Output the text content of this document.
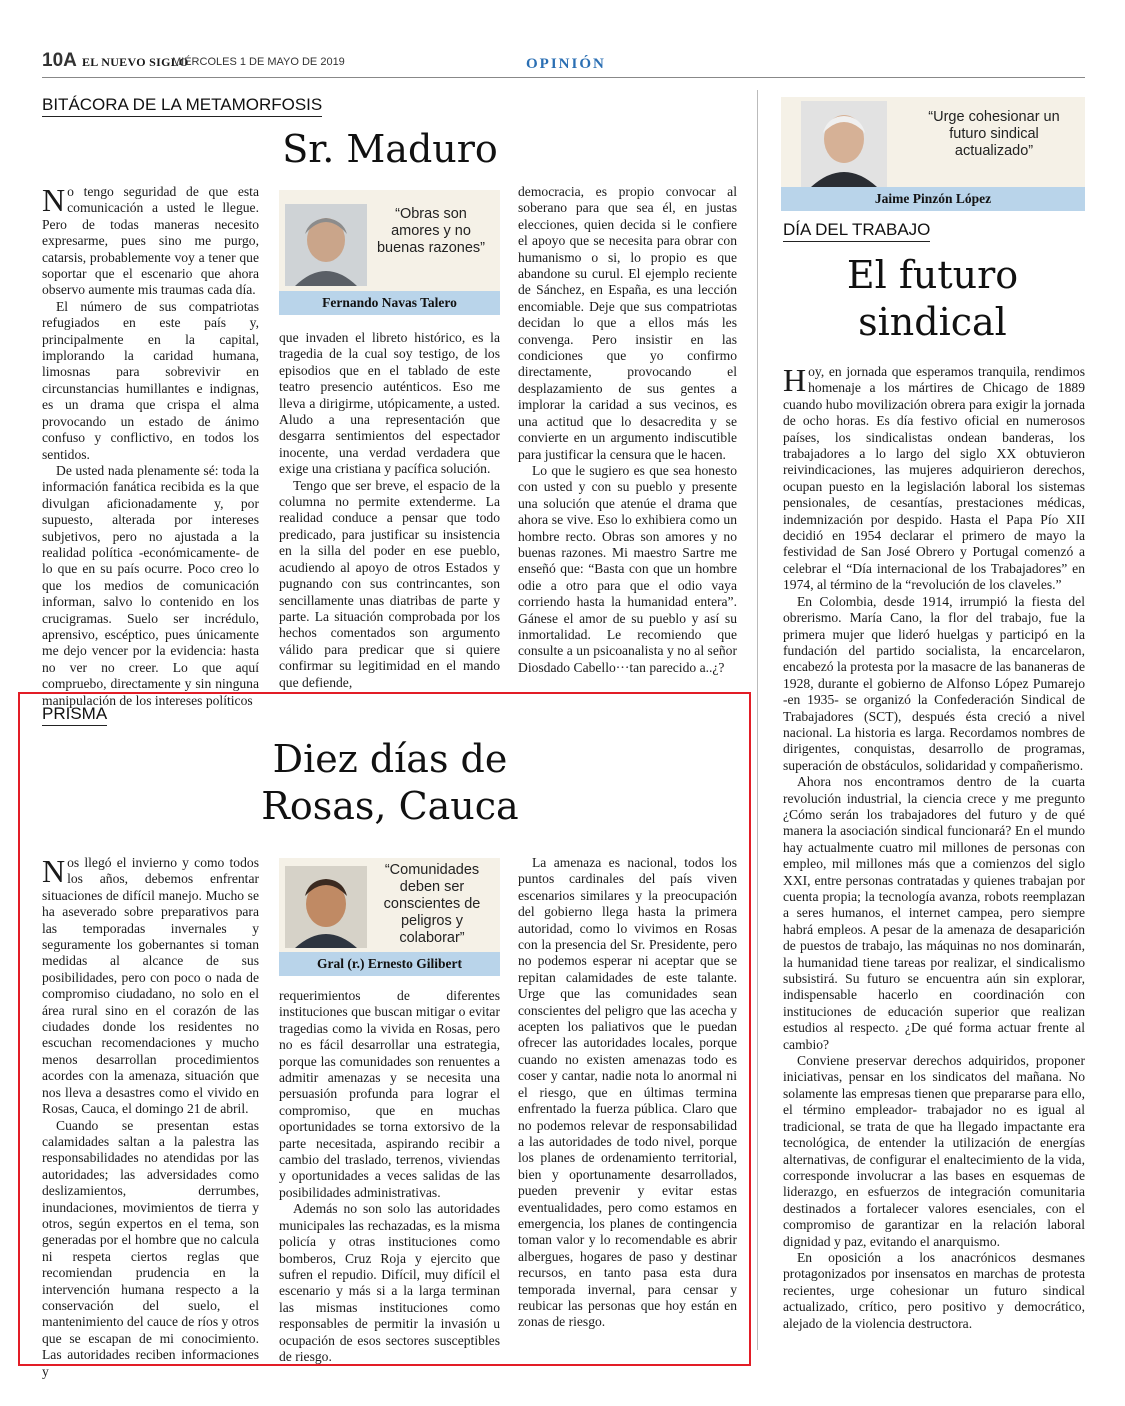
10A EL NUEVO SIGLO
MIÉRCOLES 1 DE MAYO DE 2019	OPINIÓN
BITÁCORA DE LA METAMORFOSIS
Sr. Maduro

No tengo seguridad de que esta comunicación a usted le llegue. Pero de todas maneras necesito expresarme, pues sino me purgo, catarsis, probablemente voy a tener que soportar que el escenario que ahora observo aumente mis traumas cada día.

El número de sus compatriotas refugiados en este país y, principalmente en la capital, implorando la caridad humana, limosnas para sobrevivir en circunstancias humillantes e indignas, es un drama que crispa el alma provocando un estado de ánimo confuso y conflictivo, en todos los sentidos.

De usted nada plenamente sé: toda la información fanática recibida es la que divulgan aficionadamente y, por supuesto, alterada por intereses subjetivos, pero no ajustada a la realidad política -económicamente- de lo que en su país ocurre. Poco creo lo que los medios de comunicación informan, salvo lo contenido en los crucigramas. Suelo ser incrédulo, aprensivo, escéptico, pues únicamente me dejo vencer por la evidencia: hasta no ver no creer. Lo que aquí compruebo, directamente y sin ninguna manipulación de los intereses políticos

“Obras son amores y no buenas razones”
Fernando Navas Talero

que invaden el libreto histórico, es la tragedia de la cual soy testigo, de los episodios que en el tablado de este teatro presencio auténticos. Eso me lleva a dirigirme, utópicamente, a usted. Aludo a una representación que desgarra sentimientos del espectador inocente, una verdad verdadera que exige una cristiana y pacífica solución.

Tengo que ser breve, el espacio de la columna no permite extenderme. La realidad conduce a pensar que todo predicado, para justificar su insistencia en la silla del poder en ese pueblo, acudiendo al apoyo de otros Estados y pugnando con sus contrincantes, son sencillamente unas diatribas de parte y parte. La situación comprobada por los hechos comentados son argumento válido para predicar que si quiere confirmar su legitimidad en el mando que defiende,

democracia, es propio convocar al soberano para que sea él, en justas elecciones, quien decida si le confiere el apoyo que se necesita para obrar con humanismo o si, lo propio es que abandone su curul. El ejemplo reciente de Sánchez, en España, es una lección encomiable. Deje que sus compatriotas decidan lo que a ellos más les convenga. Pero insistir en las condiciones que yo confirmo directamente, provocando el desplazamiento de sus gentes a implorar la caridad a sus vecinos, es una actitud que lo desacredita y se convierte en un argumento indiscutible para justificar la censura que le hacen.

Lo que le sugiero es que sea honesto con usted y con su pueblo y presente una solución que atenúe el drama que ahora se vive. Eso lo exhibiera como un hombre recto. Obras son amores y no buenas razones. Mi maestro Sartre me enseñó que: “Basta con que un hombre odie a otro para que el odio vaya corriendo hasta la humanidad entera”. Gánese el amor de su pueblo y así su inmortalidad. Le recomiendo que consulte a un psicoanalista y no al señor Diosdado Cabello···tan parecido a..¿?

PRISMA
Diez días de
Rosas, Cauca

Nos llegó el invierno y como todos los años, debemos enfrentar situaciones de difícil manejo. Mucho se ha aseverado sobre preparativos para las temporadas invernales y seguramente los gobernantes si toman medidas al alcance de sus posibilidades, pero con poco o nada de compromiso ciudadano, no solo en el área rural sino en el corazón de las ciudades donde los residentes no escuchan recomendaciones y mucho menos desarrollan procedimientos acordes con la amenaza, situación que nos lleva a desastres como el vivido en Rosas, Cauca, el domingo 21 de abril.

Cuando se presentan estas calamidades saltan a la palestra las responsabilidades no atendidas por las autoridades; las adversidades como deslizamientos, derrumbes, inundaciones, movimientos de tierra y otros, según expertos en el tema, son generadas por el hombre que no calcula ni respeta ciertos reglas que recomiendan prudencia en la intervención humana respecto a la conservación del suelo, el mantenimiento del cauce de ríos y otros que se escapan de mi conocimiento. Las autoridades reciben informaciones y

“Comunidades deben ser conscientes de peligros y colaborar”
Gral (r.) Ernesto Gilibert

requerimientos de diferentes instituciones que buscan mitigar o evitar tragedias como la vivida en Rosas, pero no es fácil desarrollar una estrategia, porque las comunidades son renuentes a admitir amenazas y se necesita una persuasión profunda para lograr el compromiso, que en muchas oportunidades se torna extorsivo de la parte necesitada, aspirando recibir a cambio del traslado, terrenos, viviendas y oportunidades a veces salidas de las posibilidades administrativas.

Además no son solo las autoridades municipales las rechazadas, es la misma policía y otras instituciones como bomberos, Cruz Roja y ejercito que sufren el repudio. Difícil, muy difícil el escenario y más si a la larga terminan las mismas instituciones como responsables de permitir la invasión u ocupación de esos sectores susceptibles de riesgo.

La amenaza es nacional, todos los puntos cardinales del país viven escenarios similares y la preocupación del gobierno llega hasta la primera autoridad, como lo vivimos en Rosas con la presencia del Sr. Presidente, pero no podemos esperar ni aceptar que se repitan calamidades de este talante. Urge que las comunidades sean conscientes del peligro que las acecha y acepten los paliativos que le puedan ofrecer las autoridades locales, porque cuando no existen amenazas todo es coser y cantar, nadie nota lo anormal ni el riesgo, que en últimas termina enfrentado la fuerza pública. Claro que no podemos relevar de responsabilidad a las autoridades de todo nivel, porque los planes de ordenamiento territorial, bien y oportunamente desarrollados, pueden prevenir y evitar estas eventualidades, pero como estamos en emergencia, los planes de contingencia toman valor y lo recomendable es abrir albergues, hogares de paso y destinar recursos, en tanto pasa esta dura temporada invernal, para censar y reubicar las personas que hoy están en zonas de riesgo.

“Urge cohesionar un futuro sindical actualizado”
Jaime Pinzón López
DÍA DEL TRABAJO
El futuro
sindical

Hoy, en jornada que esperamos tranquila, rendimos homenaje a los mártires de Chicago de 1889 cuando hubo movilización obrera para exigir la jornada de ocho horas. Es día festivo oficial en numerosos países, los sindicalistas ondean banderas, los trabajadores a lo largo del siglo XX obtuvieron reivindicaciones, las mujeres adquirieron derechos, ocupan puesto en la legislación laboral los sistemas pensionales, de cesantías, prestaciones médicas, indemnización por despido. Hasta el Papa Pío XII decidió en 1954 declarar el primero de mayo la festividad de San José Obrero y Portugal comenzó a celebrar el “Día internacional de los Trabajadores” en 1974, al término de la “revolución de los claveles.”

En Colombia, desde 1914, irrumpió la fiesta del obrerismo. María Cano, la flor del trabajo, fue la primera mujer que lideró huelgas y participó en la fundación del partido socialista, la encarcelaron, encabezó la protesta por la masacre de las bananeras de 1928, durante el gobierno de Alfonso López Pumarejo -en 1935- se organizó la Confederación Sindical de Trabajadores (SCT), después ésta creció a nivel nacional. La historia es larga. Recordamos nombres de dirigentes, conquistas, desarrollo de programas, superación de obstáculos, solidaridad y compañerismo.

Ahora nos encontramos dentro de la cuarta revolución industrial, la ciencia crece y me pregunto ¿Cómo serán los trabajadores del futuro y de qué manera la asociación sindical funcionará? En el mundo hay actualmente cuatro mil millones de personas con empleo, mil millones más que a comienzos del siglo XXI, entre personas contratadas y quienes trabajan por cuenta propia; la tecnología avanza, robots reemplazan a seres humanos, el internet campea, pero siempre habrá empleos. A pesar de la amenaza de desaparición de puestos de trabajo, las máquinas no nos dominarán, la humanidad tiene tareas por realizar, el sindicalismo subsistirá. Su futuro se encuentra aún sin explorar, indispensable hacerlo en coordinación con instituciones de educación superior que realizan estudios al respecto. ¿De qué forma actuar frente al cambio?

Conviene preservar derechos adquiridos, proponer iniciativas, pensar en los sindicatos del mañana. No solamente las empresas tienen que prepararse para ello, el término empleador- trabajador no es igual al tradicional, se trata de que ha llegado impactante era tecnológica, de entender la utilización de energías alternativas, de configurar el enaltecimiento de la vida, corresponde involucrar a las bases en esquemas de liderazgo, en esfuerzos de integración comunitaria destinados a fortalecer valores esenciales, con el compromiso de garantizar en la relación laboral dignidad y paz, evitando el anarquismo.

En oposición a los anacrónicos desmanes protagonizados por insensatos en marchas de protesta recientes, urge cohesionar un futuro sindical actualizado, crítico, pero positivo y democrático, alejado de la violencia destructora.
